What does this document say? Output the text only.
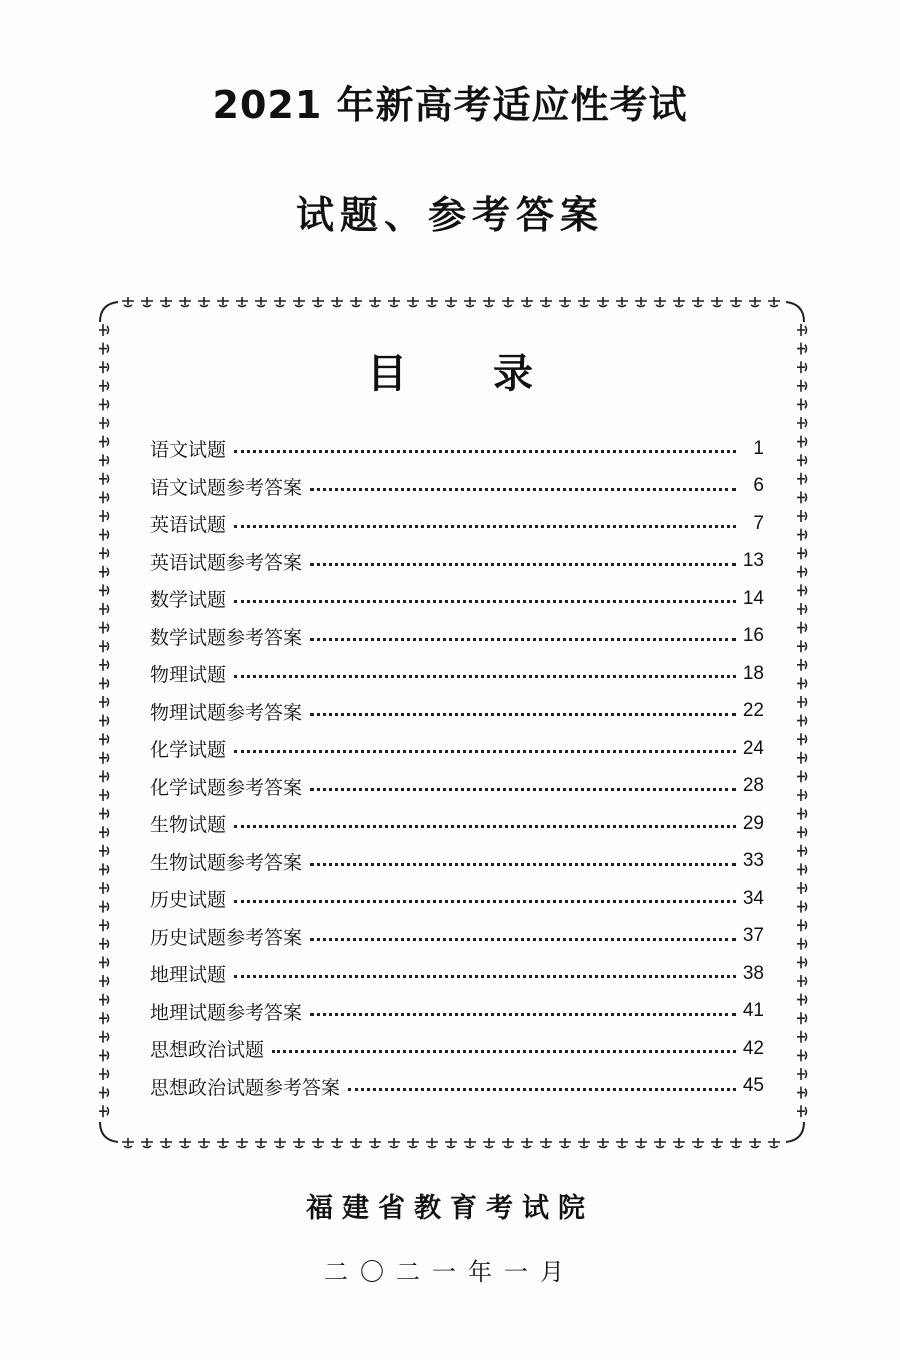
2021 年新高考适应性考试
试题、参考答案
目 录
语文试题	1
语文试题参考答案	6
英语试题	7
英语试题参考答案	13
数学试题	14
数学试题参考答案	16
物理试题	18
物理试题参考答案	22
化学试题	24
化学试题参考答案	28
生物试题	29
生物试题参考答案	33
历史试题	34
历史试题参考答案	37
地理试题	38
地理试题参考答案	41
思想政治试题	42
思想政治试题参考答案	45
福建省教育考试院
二〇二一年一月
